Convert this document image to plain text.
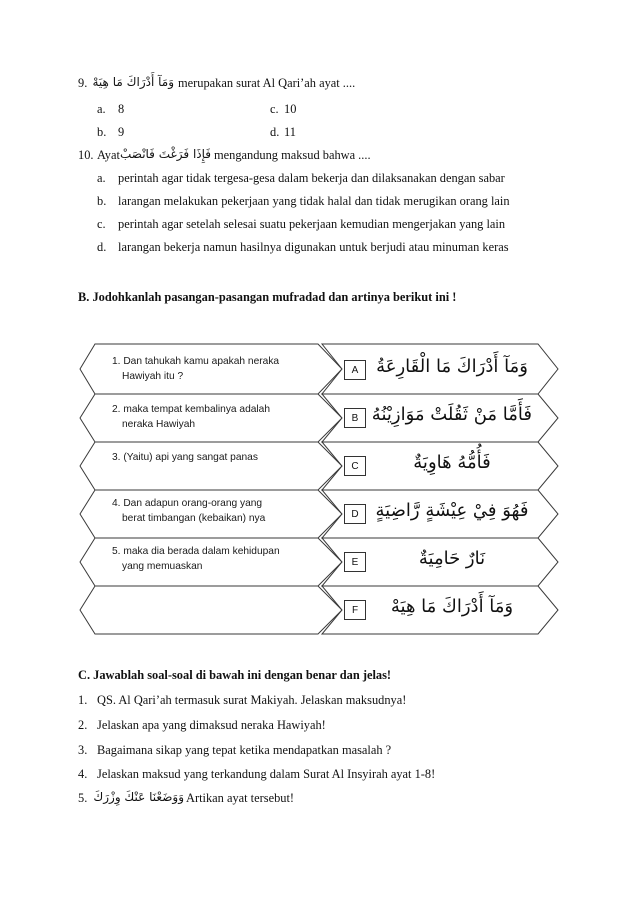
9. وَمَآ أَدْرَاكَ مَا هِيَهْ merupakan surat Al Qari’ah ayat ....
a. 8	c. 10
b. 9	d. 11
10. Ayat فَإِذَا فَرَغْتَ فَانْصَبْ mengandung maksud bahwa ....
a. perintah agar tidak tergesa-gesa dalam bekerja dan dilaksanakan dengan sabar
b. larangan melakukan pekerjaan yang tidak halal dan tidak merugikan orang lain
c. perintah agar setelah selesai suatu pekerjaan kemudian mengerjakan yang lain
d. larangan bekerja namun hasilnya digunakan untuk berjudi atau minuman keras
B. Jodohkanlah pasangan-pasangan mufradad dan artinya berikut ini !
1. Dan tahukah kamu apakah neraka
Hawiyah itu ?
2. maka tempat kembalinya adalah
neraka Hawiyah
3. (Yaitu) api yang sangat panas
4. Dan adapun orang-orang yang
berat timbangan (kebaikan) nya
5. maka dia berada dalam kehidupan
yang memuaskan
A
B
C
D
E
F
وَمَآ أَدْرَاكَ مَا الْقَارِعَةُ
فَأَمَّا مَنْ ثَقُلَتْ مَوَازِيْنُهُ
فَأُمُّهُ هَاوِيَةٌ
فَهُوَ فِيْ عِيْشَةٍ رَّاضِيَةٍ
نَارٌ حَامِيَةٌ
وَمَآ أَدْرَاكَ مَا هِيَهْ
C. Jawablah soal-soal di bawah ini dengan benar dan jelas!
1. QS. Al Qari’ah termasuk surat Makiyah. Jelaskan maksudnya!
2. Jelaskan apa yang dimaksud neraka Hawiyah!
3. Bagaimana sikap yang tepat ketika mendapatkan masalah ?
4. Jelaskan maksud yang terkandung dalam Surat Al Insyirah ayat 1-8!
5. وَوَضَعْنَا عَنْكَ وِزْرَكَ Artikan ayat tersebut!
